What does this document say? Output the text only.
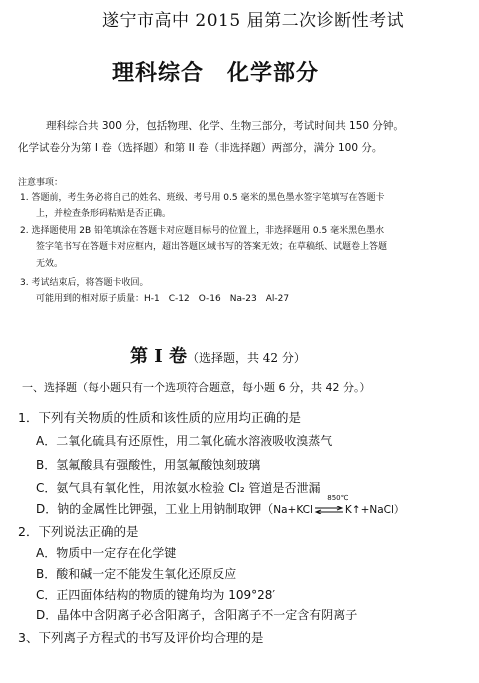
遂宁市高中 2015 届第二次诊断性考试
理科综合　化学部分
理科综合共 300 分，包括物理、化学、生物三部分，考试时间共 150 分钟。
化学试卷分为第 I 卷（选择题）和第 II 卷（非选择题）两部分，满分 100 分。
注意事项：
1. 答题前，考生务必将自己的姓名、班级、考号用 0.5 毫米的黑色墨水签字笔填写在答题卡
上，并检查条形码粘贴是否正确。
2. 选择题使用 2B 铅笔填涂在答题卡对应题目标号的位置上，非选择题用 0.5 毫米黑色墨水
签字笔书写在答题卡对应框内，超出答题区域书写的答案无效；在草稿纸、试题卷上答题
无效。
3. 考试结束后，将答题卡收回。
可能用到的相对原子质量：H-1　C-12　O-16　Na-23　Al-27
第 I 卷（选择题，共 42 分）
一、选择题（每小题只有一个选项符合题意，每小题 6 分，共 42 分。）
1．下列有关物质的性质和该性质的应用均正确的是
A．二氧化硫具有还原性，用二氧化硫水溶液吸收溴蒸气
B．氢氟酸具有强酸性，用氢氟酸蚀刻玻璃
C．氨气具有氧化性，用浓氨水检验 Cl₂ 管道是否泄漏
D．钠的金属性比钾强，工业上用钠制取钾（Na+KCl
850℃
⇌K↑+NaCl）
2．下列说法正确的是
A．物质中一定存在化学键
B．酸和碱一定不能发生氧化还原反应
C．正四面体结构的物质的键角均为 109°28′
D．晶体中含阴离子必含阳离子，含阳离子不一定含有阴离子
3、下列离子方程式的书写及评价均合理的是
